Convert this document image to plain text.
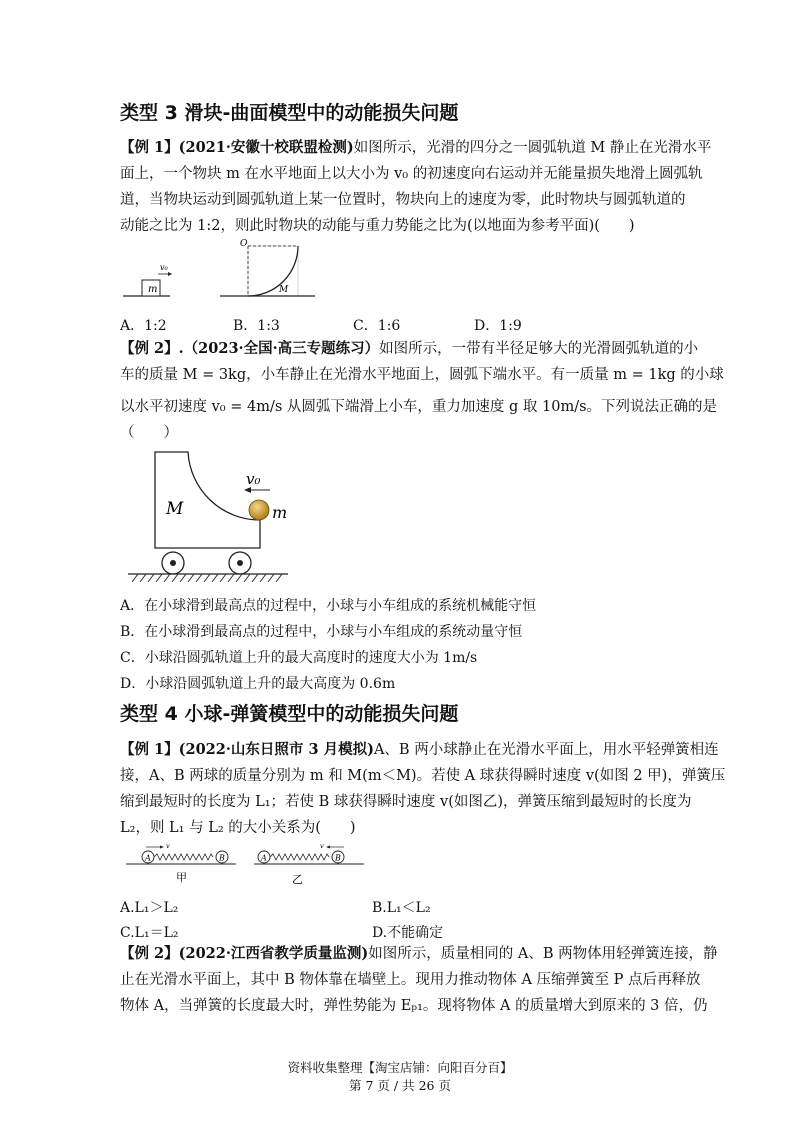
类型 3 滑块-曲面模型中的动能损失问题
【例 1】(2021·安徽十校联盟检测)如图所示，光滑的四分之一圆弧轨道 M 静止在光滑水平
面上，一个物块 m 在水平地面上以大小为 v₀ 的初速度向右运动并无能量损失地滑上圆弧轨
道，当物块运动到圆弧轨道上某一位置时，物块向上的速度为零，此时物块与圆弧轨道的
动能之比为 1:2，则此时物块的动能与重力势能之比为(以地面为参考平面)(　　)
m
v₀
O
M
A．1:2	B．1:3	C．1:6	D．1:9
【例 2】.（2023·全国·高三专题练习）如图所示，一带有半径足够大的光滑圆弧轨道的小
车的质量 M = 3kg，小车静止在光滑水平地面上，圆弧下端水平。有一质量 m = 1kg 的小球
以水平初速度 v₀ = 4m/s 从圆弧下端滑上小车，重力加速度 g 取 10m/s。下列说法正确的是
（　　）
M	m
v₀
A．在小球滑到最高点的过程中，小球与小车组成的系统机械能守恒
B．在小球滑到最高点的过程中，小球与小车组成的系统动量守恒
C．小球沿圆弧轨道上升的最大高度时的速度大小为 1m/s
D．小球沿圆弧轨道上升的最大高度为 0.6m
类型 4 小球-弹簧模型中的动能损失问题
【例 1】(2022·山东日照市 3 月模拟)A、B 两小球静止在光滑水平面上，用水平轻弹簧相连
接，A、B 两球的质量分别为 m 和 M(m＜M)。若使 A 球获得瞬时速度 v(如图 2 甲)，弹簧压
缩到最短时的长度为 L₁；若使 B 球获得瞬时速度 v(如图乙)，弹簧压缩到最短时的长度为
L₂，则 L₁ 与 L₂ 的大小关系为(　　)
A	B
v
甲
A	B
v
乙
A.L₁＞L₂	B.L₁＜L₂
C.L₁＝L₂	D.不能确定
【例 2】(2022·江西省教学质量监测)如图所示，质量相同的 A、B 两物体用轻弹簧连接，静
止在光滑水平面上，其中 B 物体靠在墙壁上。现用力推动物体 A 压缩弹簧至 P 点后再释放
物体 A，当弹簧的长度最大时，弹性势能为 Eₚ₁。现将物体 A 的质量增大到原来的 3 倍，仍
资料收集整理【淘宝店铺：向阳百分百】
第 7 页 / 共 26 页
